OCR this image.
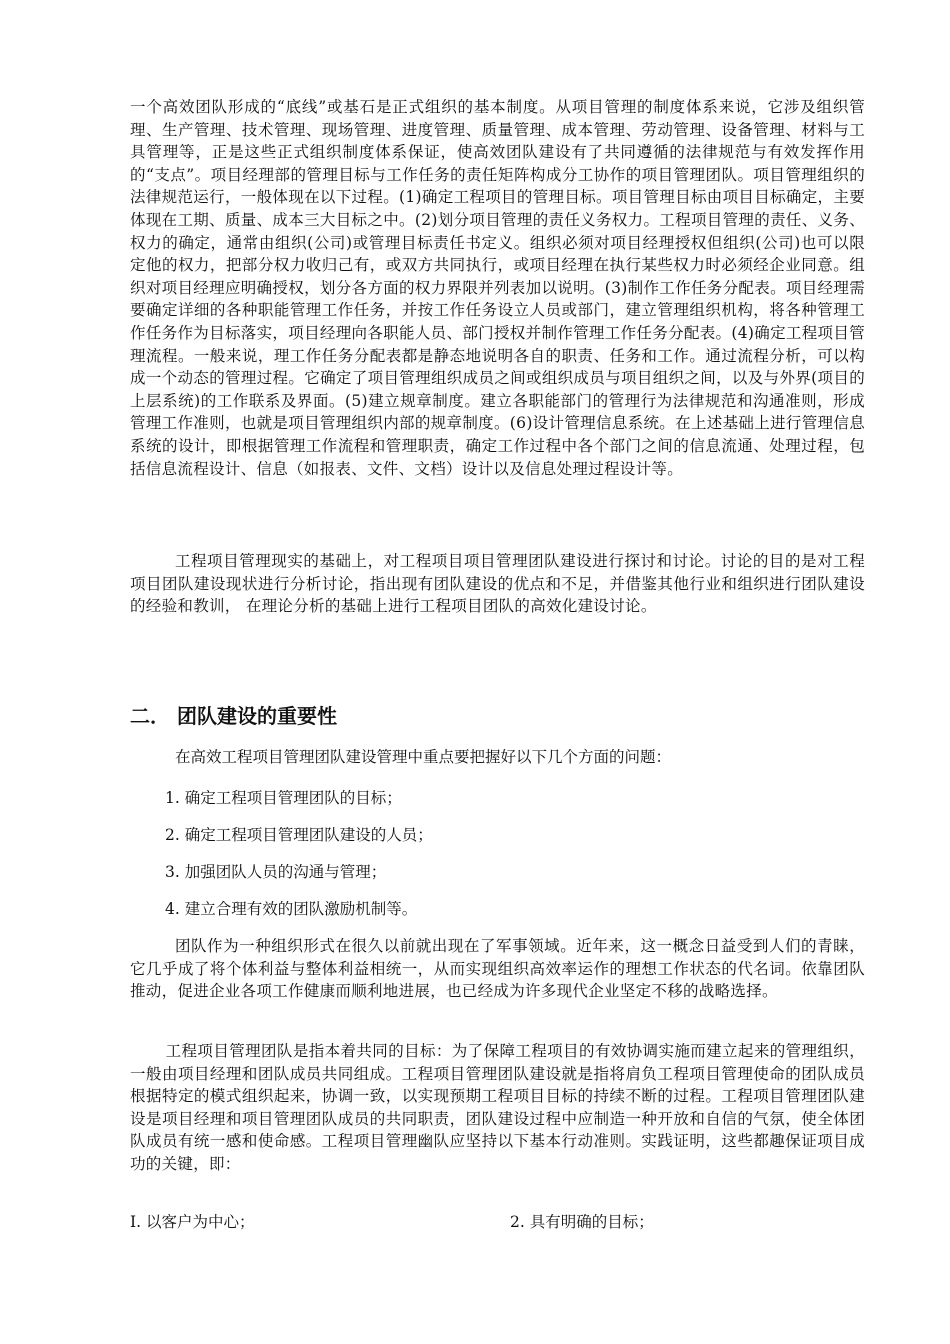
一个高效团队形成的“底线”或基石是正式组织的基本制度。从项目管理的制度体系来说，它涉及组织管理、生产管理、技术管理、现场管理、进度管理、质量管理、成本管理、劳动管理、设备管理、材料与工具管理等，正是这些正式组织制度体系保证，使高效团队建设有了共同遵循的法律规范与有效发挥作用的“支点”。项目经理部的管理目标与工作任务的责任矩阵构成分工协作的项目管理团队。项目管理组织的法律规范运行，一般体现在以下过程。(1)确定工程项目的管理目标。项目管理目标由项目目标确定，主要体现在工期、质量、成本三大目标之中。(2)划分项目管理的责任义务权力。工程项目管理的责任、义务、权力的确定，通常由组织(公司)或管理目标责任书定义。组织必须对项目经理授权但组织(公司)也可以限定他的权力，把部分权力收归己有，或双方共同执行，或项目经理在执行某些权力时必须经企业同意。组织对项目经理应明确授权，划分各方面的权力界限并列表加以说明。(3)制作工作任务分配表。项目经理需要确定详细的各种职能管理工作任务，并按工作任务设立人员或部门，建立管理组织机构，将各种管理工作任务作为目标落实，项目经理向各职能人员、部门授权并制作管理工作任务分配表。(4)确定工程项目管理流程。一般来说，理工作任务分配表都是静态地说明各自的职责、任务和工作。通过流程分析，可以构成一个动态的管理过程。它确定了项目管理组织成员之间或组织成员与项目组织之间，以及与外界(项目的上层系统)的工作联系及界面。(5)建立规章制度。建立各职能部门的管理行为法律规范和沟通准则，形成管理工作准则，也就是项目管理组织内部的规章制度。(6)设计管理信息系统。在上述基础上进行管理信息系统的设计，即根据管理工作流程和管理职责，确定工作过程中各个部门之间的信息流通、处理过程，包括信息流程设计、信息（如报表、文件、文档）设计以及信息处理过程设计等。

工程项目管理现实的基础上，对工程项目项目管理团队建设进行探讨和讨论。讨论的目的是对工程项目团队建设现状进行分析讨论，指出现有团队建设的优点和不足，并借鉴其他行业和组织进行团队建设的经验和教训， 在理论分析的基础上进行工程项目团队的高效化建设讨论。

二． 团队建设的重要性

在高效工程项目管理团队建设管理中重点要把握好以下几个方面的问题：

1. 确定工程项目管理团队的目标；

2. 确定工程项目管理团队建设的人员；

3. 加强团队人员的沟通与管理；

4. 建立合理有效的团队激励机制等。

团队作为一种组织形式在很久以前就出现在了军事领域。近年来，这一概念日益受到人们的青睐，它几乎成了将个体利益与整体利益相统一，从而实现组织高效率运作的理想工作状态的代名词。依靠团队推动，促进企业各项工作健康而顺利地进展，也已经成为许多现代企业坚定不移的战略选择。

工程项目管理团队是指本着共同的目标：为了保障工程项目的有效协调实施而建立起来的管理组织，一般由项目经理和团队成员共同组成。工程项目管理团队建设就是指将肩负工程项目管理使命的团队成员根据特定的模式组织起来，协调一致，以实现预期工程项目目标的持续不断的过程。工程项目管理团队建设是项目经理和项目管理团队成员的共同职责，团队建设过程中应制造一种开放和自信的气氛，使全体团队成员有统一感和使命感。工程项目管理幽队应坚持以下基本行动准则。实践证明，这些都趣保证项目成功的关键，即：

I. 以客户为中心；	2. 具有明确的目标；
